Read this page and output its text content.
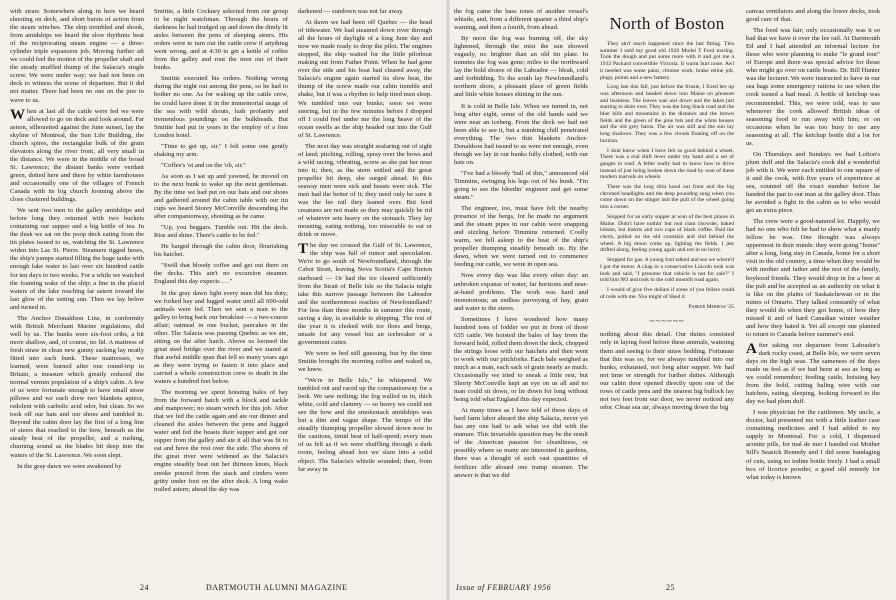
with straw. Somewhere along in here we heard shooting on deck, and short bursts of action from the steam winches. The ship trembled and shook, from amidships we heard the slow rhythmic beat of the reciprocating steam engine — a three-cylinder triple expansion job. Moving further aft we could feel the motion of the propeller shaft and the steady muffled thump of the Salacia's single screw. We were under way; we had not been on deck to witness the scene of departure. But it did not matter. There had been no one on the pier to wave to us.

When at last all the cattle were fed we were allowed to go on deck and look around. Far astern, silhouetted against the June sunset, lay the skyline of Montreal, the Sun Life Building, the church spires, the rectangular bulk of the grain elevators along the river front, all very small in the distance. We were in the middle of the broad St. Lawrence; the distant banks were verdant green, dotted here and there by white farmhouses and occasionally one of the villages of French Canada with its big church looming above the close clustered buildings.

We sent two men to the galley amidships and before long they returned with two buckets containing our supper and a big kettle of tea. In the dusk we sat on the poop deck eating from the tin plates issued to us, watching the St. Lawrence widen into Lac St. Pierre. Steamers rigged hoses, the ship's pumps started filling the huge tanks with enough fake water to last over six hundred cattle for ten days to two weeks. For a while we watched the foaming wake of the ship; a line in the placid waters of the lake reaching far astern toward the last glow of the setting sun. Then we lay below and turned in.

The Anchor Donaldson Line, in conformity with British Merchant Marine regulations, did well by us. The bunks were six-foot cribs, a bit more shallow, and, of course, no lid. A mattress of fresh straw in clean new gunny sacking lay neatly fitted into each bunk. These mattresses, we learned, were burned after one round-trip to Britain, a measure which greatly reduced the normal vermin population of a ship's cabin. A few of us were fortunate enough to have small straw pillows and we each drew two blankets apiece, redolent with carbolic acid odor, but clean. So we took off our hats and our shoes and tumbled in. Beyond the cabin door lay the first of a long line of steers that reached to the bow, beneath us the steady beat of the propeller, and a rushing, churning sound as the blades bit deep into the waters of the St. Lawrence. We soon slept.

In the gray dawn we were awakened by

Smittie, a little Cockney selected from our group to be night watchman. Through the hours of darkness he had trudged up and down the dimly lit aisles between the pens of sleeping steers. His orders were to turn out the cattle crew if anything went wrong, and at 4:30 to get a kettle of coffee from the galley and rout the men out of their bunks.

Smittie executed his orders. Nothing wrong during the night out among the pens, so he had to bother no one. As for waking up the cattle crew, he could have done it in the immemorial usage of the sea with wild shouts, lush profanity and tremendous poundings on the bulkheads. But Smittie had put in years in the employ of a fine London hotel.

"Time to get up, sir." I felt some one gently shaking my arm.

"Coffee's 'ot and on the 'ob, sir."

As soon as I sat up and yawned, he moved on to the next bunk to wake up the next gentleman. By the time we had put on our hats and our shoes and gathered around the cabin table with our tin cups we heard Storey McConville descending the after companionway, shouting as he came.

"Up, you beggars. Tumble out. Hit the deck. Rise and shine. There's cattle to be fed."

He barged through the cabin door, flourishing his hatchet.

"Swill that bloody coffee and get out there on the decks. This ain't no excursion steamer. England this day expects . . ."

In the gray dawn light every man did his duty; we forked hay and lugged water until all 600-odd animals were fed. Then we sent a man to the galley to bring back our breakfast — a two-course affair; oatmeal in one bucket, pancakes in the other. The Salacia was passing Quebec as we ate, sitting on the after hatch. Above us loomed the great steel bridge over the river and we stared at that awful middle span that fell so many years ago as they were trying to fasten it into place and carried a whole construction crew to death in the waters a hundred feet below.

The morning we spent hoisting bales of hay from the forward hatch with a block and tackle and manpower; no steam winch for this job. After that we fed the cattle again and ate our dinner and cleaned the aisles between the pens and lugged water and fed the beasts their supper and got our supper from the galley and ate it all that was fit to eat and hove the rest over the side. The shores of the great river were widened as the Salacia's engine steadily beat out her thirteen knots, black smoke poured from the stack and cinders were gritty under foot on the after deck. A long wake trailed astern; ahead the sky was

darkened — sundown was not far away.

At dawn we had been off Quebec — the head of tidewater. We had steamed down river through all the hours of daylight of a long June day and now we made ready to drop the pilot. The engines stopped, the ship waited for the little pilotboat making out from Father Point. When he had gone over the side and his boat had cleared away, the Salacia's engine again started its slow beat, the thump of the screw made our cabin tremble and shake, but it was a rhythm to help tired men sleep. We tumbled into our bunks; soon we were snoring, but in the few minutes before I dropped off I could feel under me the long heave of the ocean swells as the ship headed out into the Gulf of St. Lawrence.

The next day was straight seafaring out of sight of land; pitching, rolling, spray over the bows and a wild racing, vibrating, screw as she put her nose into it; then, as the stern settled and the great propeller bit deep, she surged ahead. In this seaway men were sick and beasts were sick. The men had the better of it; they need only be sure it was the lee rail they leaned over. But feed creatures are not made so they may quickly be rid of whatever sets heavy on the stomach. They lay moaning, eating nothing, too miserable to eat or drink or move.

The day we crossed the Gulf of St. Lawrence, the ship was full of rumor and speculation. We're to go south of Newfoundland, through the Cabot Strait, leaving Nova Scotia's Cape Breton starboard — Or had the ice cleared sufficiently from the Strait of Belle Isle so the Salacia might take this narrow passage between the Labrador and the northernmost reaches of Newfoundland? For less than three months in summer this route, saving a day, is available to shipping. The rest of the year it is choked with ice floes and bergs, unsafe for any vessel but an icebreaker or a government cutter.

We were to bed still guessing, but by the time Smittie brought the morning coffee and waked us, we knew.

"We're in Belle Isle," he whispered. We tumbled out and raced up the companionway for a look. We saw nothing; the fog walled us in, thick white, cold and clammy — so heavy we could not see the bow and the smokestack amidships was but a dim and vague shape. The tempo of the steadily thumping propeller slowed down now to the cautious, timid beat of half-speed; every man of us felt as if we were shuffling through a dark room, feeling ahead lest we slam into a solid object. The Salacia's whistle sounded; then, from far away in

24	DARTMOUTH ALUMNI MAGAZINE

the fog came the bass tones of another vessel's whistle, and, from a different quarter a third ship's warning, and then a fourth, from ahead.

By noon the fog was burning off, the sky lightened, through the mist the sun showed vaguely, no brighter than an old tin plate. In minutes the fog was gone; miles to the northward lay the bold shores of the Labrador — bleak, cold and forbidding. To the south lay Newfoundland's northern shore, a pleasant place of green fields and little white houses shining in the sun.

It is cold in Belle Isle. When we turned in, not long after eight, some of the old hands said we were near an iceberg. From the deck we had not been able to see it, but a numbing chill penetrated everything. The two thin blankets Anchor-Donaldson had issued to us were not enough, even though we lay in our bunks fully clothed, with our hats on.

"I've had a bloody 'bull of this," announced old Timmins, swinging his legs out of his bunk. "I'm going to see the bleedin' engineer and get some steam."

The engineer, too, must have felt the nearby presence of the bergs, for he made no argument and the steam pipes in our cabin were snapping and sizzling before Timmins returned. Coolly warm, we fell asleep to the beat of the ship's propeller thumping steadily beneath us. By the dawn, when we were turned out to commence feeding our cattle, we were in open sea.

Now every day was like every other day: an unbroken expanse of water, far horizons and near-at-hand problems. The work was hard and monotonous; an endless purveying of hay, grain and water to the steers.

Sometimes I have wondered how many hundred tons of fodder we put in front of those 635 cattle. We hoisted the bales of hay from the forward hold, rolled them down the deck, chopped the strings loose with our hatchets and then went to work with our pitchforks. Each bale weighed as much as a man, each sack of grain nearly as much. Occasionally we tried to sneak a little rest, but Shorty McConville kept an eye on us all and no man could sit down, or lie down for long without being told what England this day expected.

At many times as I have told of these days of hard farm labor aboard the ship Salacia, never yet has any one had to ask what we did with the manure. This invariable question may be the result of the American passion for cleanliness, or possibly where so many are interested in gardens, there was a thought of such vast quantities of fertilizer idle aboard one tramp steamer. The answer is that we did

North of Boston

They ain't much happened since the last fitting. This summer I sold my good old 1926 Model T Ford touring. Took the dough and put some more with it and got me a 1932 Packard convertible Victoria. It warnt hurt none. Awl it needed was some paint, chrome work, brake reline job, plugs, points and a new battery.

Long late this fall, just before the frostie, I fixed her up was afternoon and headed down into Maine on pleasure and business. The leaves was awl down and the lakes just starting to skim over. They was the long black road and the blue hills and mountains in the distance and the brown fields and the green of the pine lots and the white houses and the old grey barns. The air was still and the sun lay long shadows. They was a few clouds floating off on the horizon.

I dont know when I have felt so good behind a wheel. There was a real shift lever under my hand and a set of gauges to read. A feller really had to know how to drive instead of just being looken down the road by wun of these modern marvels on wheels.

There was the long slim hood out front and the big chromed headlights and the deep pounding song when you come down on the stinger and the pull of the wheel going into a corner.

Stopped for an early supper at wun of the best places in Maine. Didn't have nothin' but real clam chowder, baked lobster, hot biskits and two cups of black coffee. Paid the check, pulled on the old coonskin and slid behind the wheel. A big moon come up, lighting the fields. I jest drifted along, feeling young again and not in no hurry.

Stopped for gas. A young fool talked and sez we where'd I got the motor. A chap in a conservative Lincoln took was look and said, "I presume that vehicle is not for sale?" I told him NO and took to the cold moonlit road again.

I would of give five dollars if some of you fellers could of rode with me. You might of liked it.

Parker Merrow '25
~~~~~~

nothing about this detail. Our duties consisted only in laying food before these animals, watering them and seeing to their straw bedding. Fortunate that this was so, for we always tumbled into our bunks, exhausted, not long after supper. We had not time or strength for further duties. Although our cabin door opened directly upon one of the rows of cattle pens and the nearest big bullock lay not two feet from our door, we never noticed any odor. Clean sea air, always moving down the big

canvas ventilators and along the lower decks, took good care of that.

The food was fair; only occasionally was it so bad that we have it over the lee rail. At Dartmouth Ed and I had attended an informal lecture for those who were planning to make "le grand tour" of Europe and there was special advice for those who might go over on cattle boats. Dr. Bill Hunter was the lecturer. We were instructed to have in our sea bags some emergency rations to use when the cook issued a bad meal. A bottle of ketchup was recommended. This, we were told, was to use whenever the cook allowed British ideas of seasoning food to run away with him, or on occasions when he was too busy to use any seasoning at all. The ketchup bottle did a lot for us.

On Thursdays and Sundays we had Lolton's plum duff and the Salacia's cook did a wonderful job with it. We were each entitled to one square of it and the cook, with five years of experience at sea, counted off the exact number before he handed the pan to our man at the galley door. Thus he avoided a fight in the cabin as to who would get an extra piece.

The crew were a good-natured lot. Happily, we had no one who felt he had to show what a manly fellow he was. One thought was always uppermost in their minds: they were going "home" after a long, long stay in Canada, home for a short visit in the old country, a time when they would be with mother and father and the rest of the family, boyhood friends. They would drop in for a beer at the pub and be accepted as an authority on what it is like on the plains of Saskatchewan or in the mines of Ontario. They talked constantly of what they would do when they got home, of how they missed it and of hard Canadian winter weather and how they hated it. Yet all except one planned to return to Canada before summer's end.

After taking our departure from Labrador's dark rocky coast, at Belle Isle, we were seven days on the high seas. The sameness of the days made us feel as if we had been at sea as long as we could remember; feeding cattle, hoisting hay from the hold, cutting baling wire with our hatchets, eating, sleeping, looking forward to the day we had plum duff.

I was physician for the cattlemen. My uncle, a doctor, had presented me with a little leather case containing medicines and I had added to my supply in Montreal. For a cold, I dispensed aconite pills, for mal de mer I handed out Mother Sill's Seasick Remedy and I did some bandaging of cuts, using no iodine bottle freely. I had a small box of licorice powder, a good old remedy for what today is known

Issue of FEBRUARY 1956	25
